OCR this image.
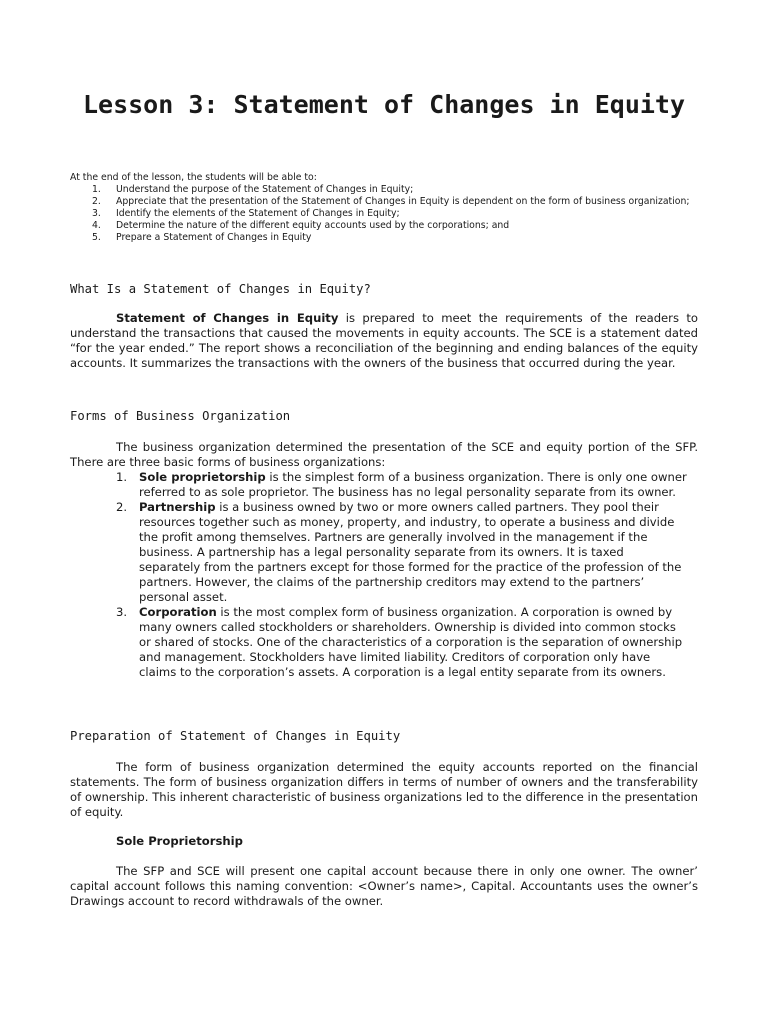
Lesson 3: Statement of Changes in Equity
At the end of the lesson, the students will be able to:
1. Understand the purpose of the Statement of Changes in Equity;
2. Appreciate that the presentation of the Statement of Changes in Equity is dependent on the form of business organization;
3. Identify the elements of the Statement of Changes in Equity;
4. Determine the nature of the different equity accounts used by the corporations; and
5. Prepare a Statement of Changes in Equity
What Is a Statement of Changes in Equity?

Statement of Changes in Equity is prepared to meet the requirements of the readers to understand the transactions that caused the movements in equity accounts. The SCE is a statement dated “for the year ended.” The report shows a reconciliation of the beginning and ending balances of the equity accounts. It summarizes the transactions with the owners of the business that occurred during the year.

Forms of Business Organization

The business organization determined the presentation of the SCE and equity portion of the SFP. There are three basic forms of business organizations:

1. Sole proprietorship is the simplest form of a business organization. There is only one owner referred to as sole proprietor. The business has no legal personality separate from its owner.
2. Partnership is a business owned by two or more owners called partners. They pool their resources together such as money, property, and industry, to operate a business and divide the profit among themselves. Partners are generally involved in the management if the business. A partnership has a legal personality separate from its owners. It is taxed separately from the partners except for those formed for the practice of the profession of the partners. However, the claims of the partnership creditors may extend to the partners’ personal asset.
3. Corporation is the most complex form of business organization. A corporation is owned by many owners called stockholders or shareholders. Ownership is divided into common stocks or shared of stocks. One of the characteristics of a corporation is the separation of ownership and management. Stockholders have limited liability. Creditors of corporation only have claims to the corporation’s assets. A corporation is a legal entity separate from its owners.
Preparation of Statement of Changes in Equity

The form of business organization determined the equity accounts reported on the financial statements. The form of business organization differs in terms of number of owners and the transferability of ownership. This inherent characteristic of business organizations led to the difference in the presentation of equity.

Sole Proprietorship

The SFP and SCE will present one capital account because there in only one owner. The owner’ capital account follows this naming convention: <Owner’s name>, Capital. Accountants uses the owner’s Drawings account to record withdrawals of the owner.
